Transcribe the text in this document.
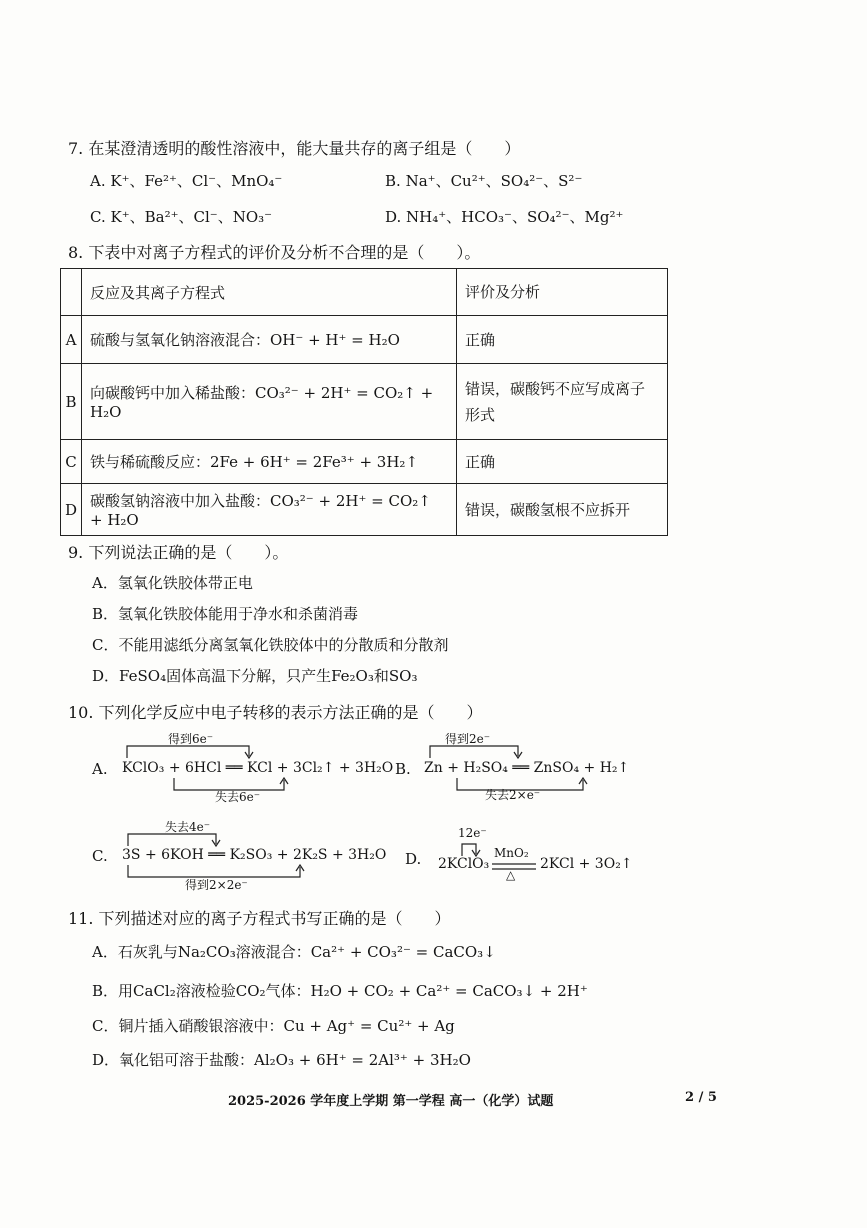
7. 在某澄清透明的酸性溶液中，能大量共存的离子组是（　　）
A. K⁺、Fe²⁺、Cl⁻、MnO₄⁻	B. Na⁺、Cu²⁺、SO₄²⁻、S²⁻
C. K⁺、Ba²⁺、Cl⁻、NO₃⁻	D. NH₄⁺、HCO₃⁻、SO₄²⁻、Mg²⁺
8. 下表中对离子方程式的评价及分析不合理的是（　　）。
	反应及其离子方程式	评价及分析
A	硫酸与氢氧化钠溶液混合：OH⁻ + H⁺ = H₂O	正确
B	向碳酸钙中加入稀盐酸：CO₃²⁻ + 2H⁺ = CO₂↑ + H₂O	错误，碳酸钙不应写成离子形式
C	铁与稀硫酸反应：2Fe + 6H⁺ = 2Fe³⁺ + 3H₂↑	正确
D	碳酸氢钠溶液中加入盐酸：CO₃²⁻ + 2H⁺ = CO₂↑ + H₂O	错误，碳酸氢根不应拆开
9. 下列说法正确的是（　　）。
A．氢氧化铁胶体带正电
B．氢氧化铁胶体能用于净水和杀菌消毒
C．不能用滤纸分离氢氧化铁胶体中的分散质和分散剂
D．FeSO₄固体高温下分解，只产生Fe₂O₃和SO₃
10. 下列化学反应中电子转移的表示方法正确的是（　　）
A.
得到6e⁻
KClO₃ + 6HCl ══ KCl + 3Cl₂↑ + 3H₂O
失去6e⁻
B.
得到2e⁻
Zn + H₂SO₄ ══ ZnSO₄ + H₂↑
失去2×e⁻
C.
失去4e⁻
3S + 6KOH ══ K₂SO₃ + 2K₂S + 3H₂O
得到2×2e⁻
D.
12e⁻
MnO₂
2KClO₃
△
2KCl + 3O₂↑
11. 下列描述对应的离子方程式书写正确的是（　　）
A．石灰乳与Na₂CO₃溶液混合：Ca²⁺ + CO₃²⁻ = CaCO₃↓
B．用CaCl₂溶液检验CO₂气体：H₂O + CO₂ + Ca²⁺ = CaCO₃↓ + 2H⁺
C．铜片插入硝酸银溶液中：Cu + Ag⁺ = Cu²⁺ + Ag
D．氧化铝可溶于盐酸：Al₂O₃ + 6H⁺ = 2Al³⁺ + 3H₂O
2025-2026 学年度上学期 第一学程 高一（化学）试题	2 / 5
